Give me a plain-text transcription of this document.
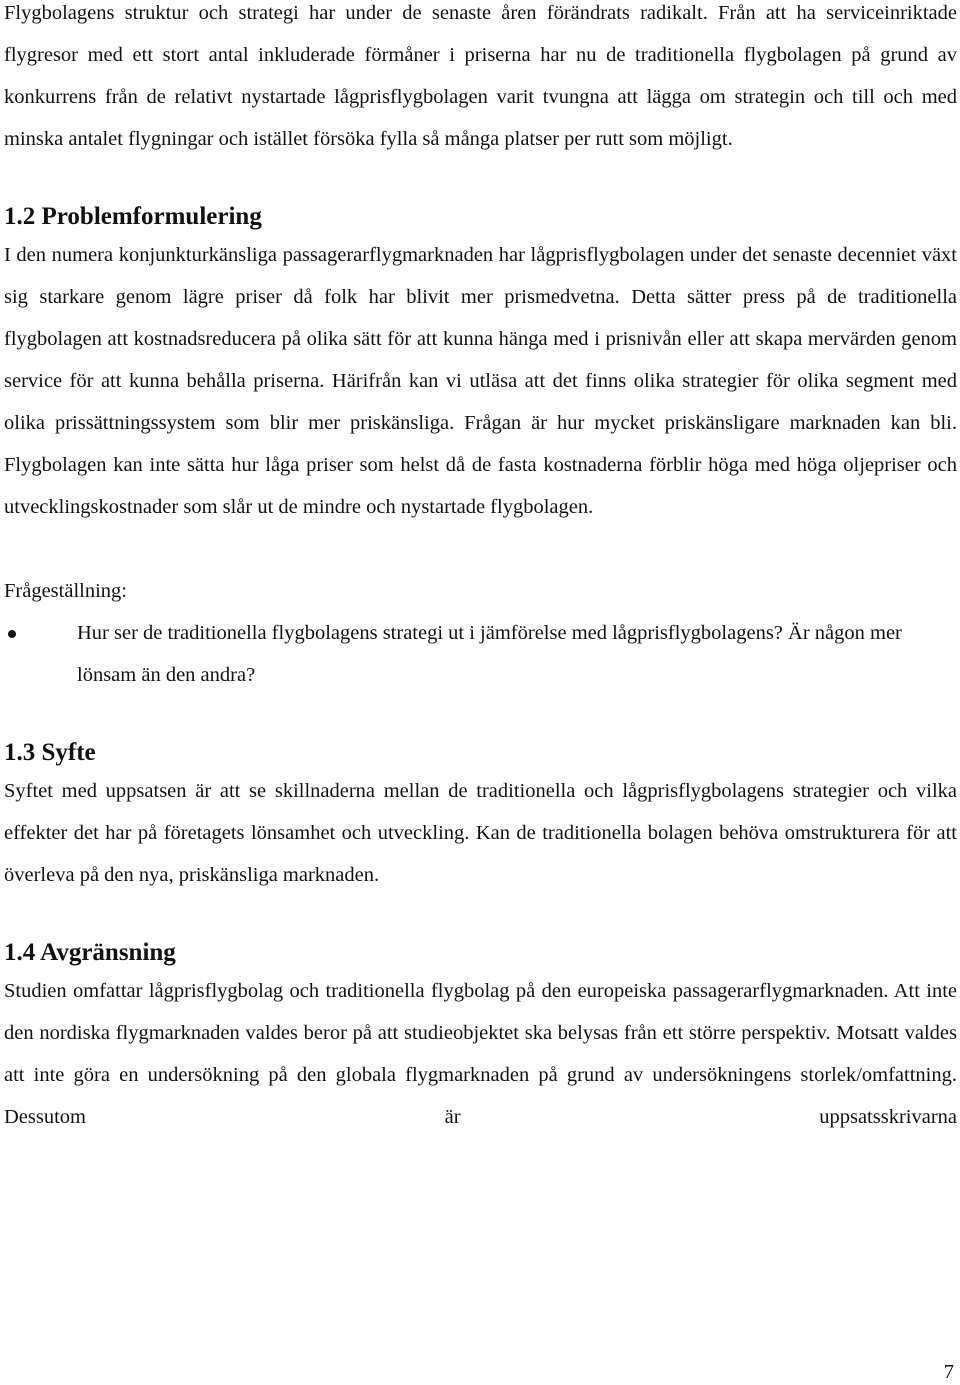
Flygbolagens struktur och strategi har under de senaste åren förändrats radikalt. Från att ha serviceinriktade flygresor med ett stort antal inkluderade förmåner i priserna har nu de traditionella flygbolagen på grund av konkurrens från de relativt nystartade lågprisflygbolagen varit tvungna att lägga om strategin och till och med minska antalet flygningar och istället försöka fylla så många platser per rutt som möjligt.

1.2 Problemformulering

I den numera konjunkturkänsliga passagerarflygmarknaden har lågprisflygbolagen under det senaste decenniet växt sig starkare genom lägre priser då folk har blivit mer prismedvetna. Detta sätter press på de traditionella flygbolagen att kostnadsreducera på olika sätt för att kunna hänga med i prisnivån eller att skapa mervärden genom service för att kunna behålla priserna. Härifrån kan vi utläsa att det finns olika strategier för olika segment med olika prissättningssystem som blir mer priskänsliga. Frågan är hur mycket priskänsligare marknaden kan bli. Flygbolagen kan inte sätta hur låga priser som helst då de fasta kostnaderna förblir höga med höga oljepriser och utvecklingskostnader som slår ut de mindre och nystartade flygbolagen.

Frågeställning:

Hur ser de traditionella flygbolagens strategi ut i jämförelse med lågprisflygbolagens? Är någon mer lönsam än den andra?
1.3 Syfte

Syftet med uppsatsen är att se skillnaderna mellan de traditionella och lågprisflygbolagens strategier och vilka effekter det har på företagets lönsamhet och utveckling. Kan de traditionella bolagen behöva omstrukturera för att överleva på den nya, priskänsliga marknaden.

1.4 Avgränsning

Studien omfattar lågprisflygbolag och traditionella flygbolag på den europeiska passagerarflygmarknaden. Att inte den nordiska flygmarknaden valdes beror på att studieobjektet ska belysas från ett större perspektiv. Motsatt valdes att inte göra en undersökning på den globala flygmarknaden på grund av undersökningens storlek/omfattning. Dessutom är uppsatsskrivarna

7
